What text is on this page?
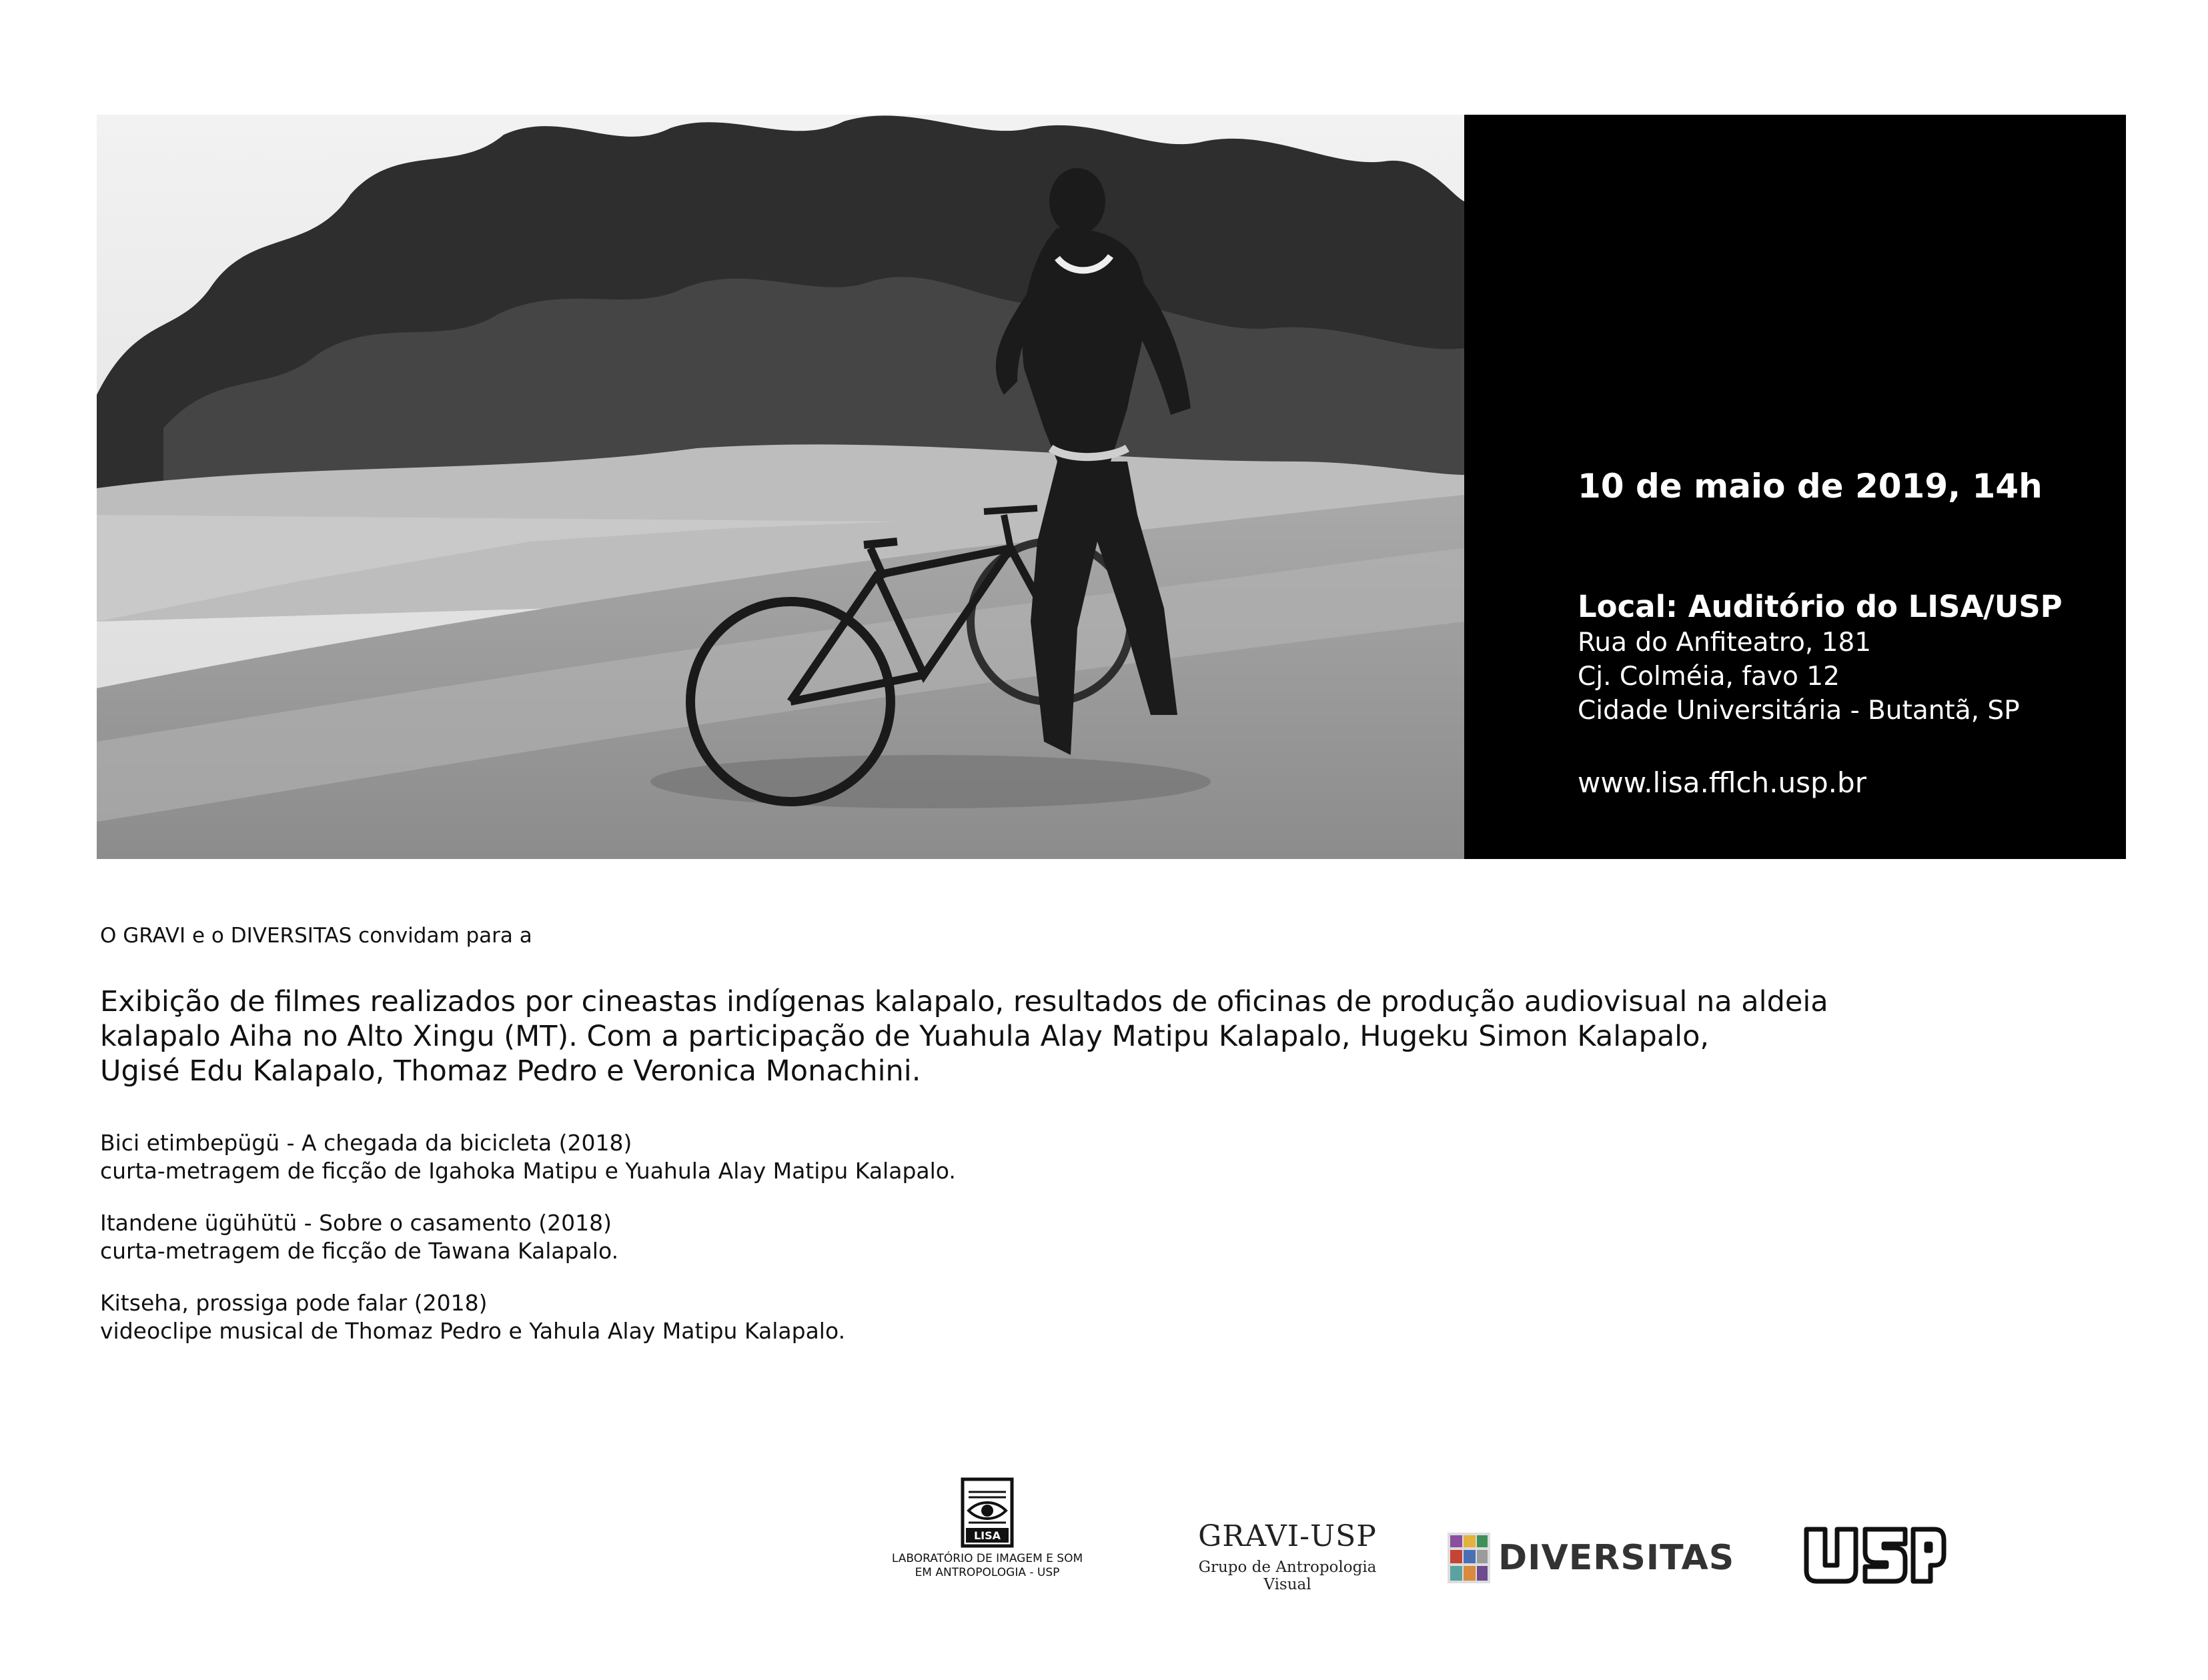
10 de maio de 2019, 14h
Local: Auditório do LISA/USP
Rua do Anfiteatro, 181
Cj. Colméia, favo 12
Cidade Universitária - Butantã, SP
www.lisa.fflch.usp.br
O GRAVI e o DIVERSITAS convidam para a

Exibição de filmes realizados por cineastas indígenas kalapalo, resultados de oficinas de produção audiovisual na aldeia

kalapalo Aiha no Alto Xingu (MT). Com a participação de Yuahula Alay Matipu Kalapalo, Hugeku Simon Kalapalo,

Ugisé Edu Kalapalo, Thomaz Pedro e Veronica Monachini.

Bici etimbepügü - A chegada da bicicleta (2018)
curta-metragem de ficção de Igahoka Matipu e Yuahula Alay Matipu Kalapalo.
Itandene ügühütü - Sobre o casamento (2018)
curta-metragem de ficção de Tawana Kalapalo.
Kitseha, prossiga pode falar (2018)
videoclipe musical de Thomaz Pedro e Yahula Alay Matipu Kalapalo.
LISA
LABORATÓRIO DE IMAGEM E SOM
EM ANTROPOLOGIA - USP
GRAVI-USP
Grupo de Antropologia Visual
DIVERSITAS
USP
